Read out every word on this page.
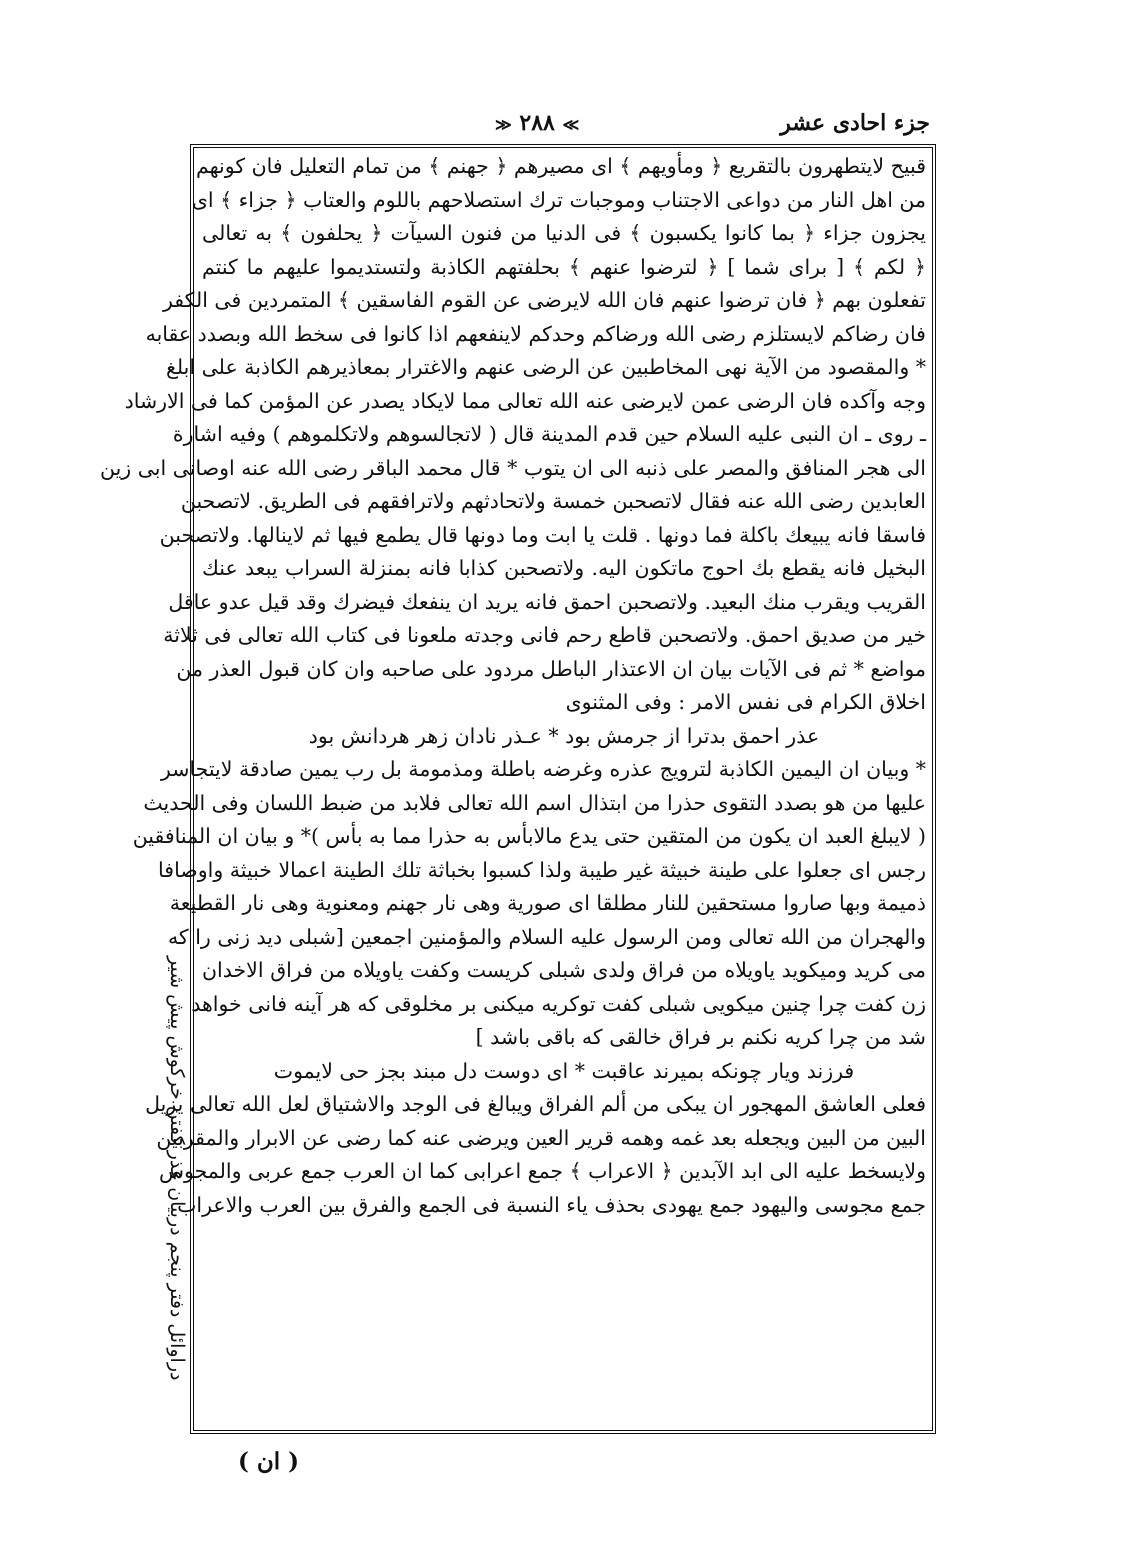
جزء احادى عشر
≫ ٢٨٨ ≪
قبيح لايتطهرون بالتقريع ﴿ ومأويهم ﴾ اى مصيرهم ﴿ جهنم ﴾ من تمام التعليل فان كونهم
من اهل النار من دواعى الاجتناب وموجبات ترك استصلاحهم باللوم والعتاب ﴿ جزاء ﴾ اى
يجزون جزاء ﴿ بما كانوا يكسبون ﴾ فى الدنيا من فنون السيآت ﴿ يحلفون ﴾ به تعالى
﴿ لكم ﴾ [ براى شما ] ﴿ لترضوا عنهم ﴾ بحلفتهم الكاذبة ولتستديموا عليهم ما كنتم
تفعلون بهم ﴿ فان ترضوا عنهم فان الله لايرضى عن القوم الفاسقين ﴾ المتمردين فى الكفر
فان رضاكم لايستلزم رضى الله ورضاكم وحدكم لاينفعهم اذا كانوا فى سخط الله وبصدد عقابه
* والمقصود من الآية نهى المخاطبين عن الرضى عنهم والاغترار بمعاذيرهم الكاذبة على ابلغ
وجه وآكده فان الرضى عمن لايرضى عنه الله تعالى مما لايكاد يصدر عن المؤمن كما فى الارشاد
ـ روى ـ ان النبى عليه السلام حين قدم المدينة قال ( لاتجالسوهم ولاتكلموهم ) وفيه اشارة
الى هجر المنافق والمصر على ذنبه الى ان يتوب * قال محمد الباقر رضى الله عنه اوصانى ابى زين
العابدين رضى الله عنه فقال لاتصحبن خمسة ولاتحادثهم ولاترافقهم فى الطريق. لاتصحبن
فاسقا فانه يبيعك باكلة فما دونها . قلت يا ابت وما دونها قال يطمع فيها ثم لاينالها. ولاتصحبن
البخيل فانه يقطع بك احوج ماتكون اليه. ولاتصحبن كذابا فانه بمنزلة السراب يبعد عنك
القريب ويقرب منك البعيد. ولاتصحبن احمق فانه يريد ان ينفعك فيضرك وقد قيل عدو عاقل
خير من صديق احمق. ولاتصحبن قاطع رحم فانى وجدته ملعونا فى كتاب الله تعالى فى ثلاثة
مواضع * ثم فى الآيات بيان ان الاعتذار الباطل مردود على صاحبه وان كان قبول العذر من
اخلاق الكرام فى نفس الامر : وفى المثنوى
عذر احمق بدترا از جرمش بود * عـذر نادان زهر هردانش بود
* وبيان ان اليمين الكاذبة لترويج عذره وغرضه باطلة ومذمومة بل رب يمين صادقة لايتجاسر
عليها من هو بصدد التقوى حذرا من ابتذال اسم الله تعالى فلابد من ضبط اللسان وفى الحديث
( لايبلغ العبد ان يكون من المتقين حتى يدع مالابأس به حذرا مما به بأس )* و بيان ان المنافقين
رجس اى جعلوا على طينة خبيثة غير طيبة ولذا كسبوا بخباثة تلك الطينة اعمالا خبيثة واوصافا
ذميمة وبها صاروا مستحقين للنار مطلقا اى صورية وهى نار جهنم ومعنوية وهى نار القطيعة
والهجران من الله تعالى ومن الرسول عليه السلام والمؤمنين اجمعين [شبلى ديد زنى را كه
مى كريد وميكويد ياويلاه من فراق ولدى شبلى كريست وكفت ياويلاه من فراق الاخدان
زن كفت چرا چنين ميكويى شبلى كفت توكريه ميكنى بر مخلوقى كه هر آينه فانى خواهد
شد من چرا كريه نكنم بر فراق خالقى كه باقى باشد ]
فرزند ويار چونكه بميرند عاقبت * اى دوست دل مبند بجز حى لايموت
فعلى العاشق المهجور ان يبكى من ألم الفراق ويبالغ فى الوجد والاشتياق لعل الله تعالى يزيل
البين من البين ويجعله بعد غمه وهمه قرير العين ويرضى عنه كما رضى عن الابرار والمقربين
ولايسخط عليه الى ابد الآبدين ﴿ الاعراب ﴾ جمع اعرابى كما ان العرب جمع عربى والمجوس
جمع مجوسى واليهود جمع يهودى بحذف ياء النسبة فى الجمع والفرق بين العرب والاعراب
دراوائل دفتر پنجم دربيان عذر كفتن خركوش پيش شير
( ان )
